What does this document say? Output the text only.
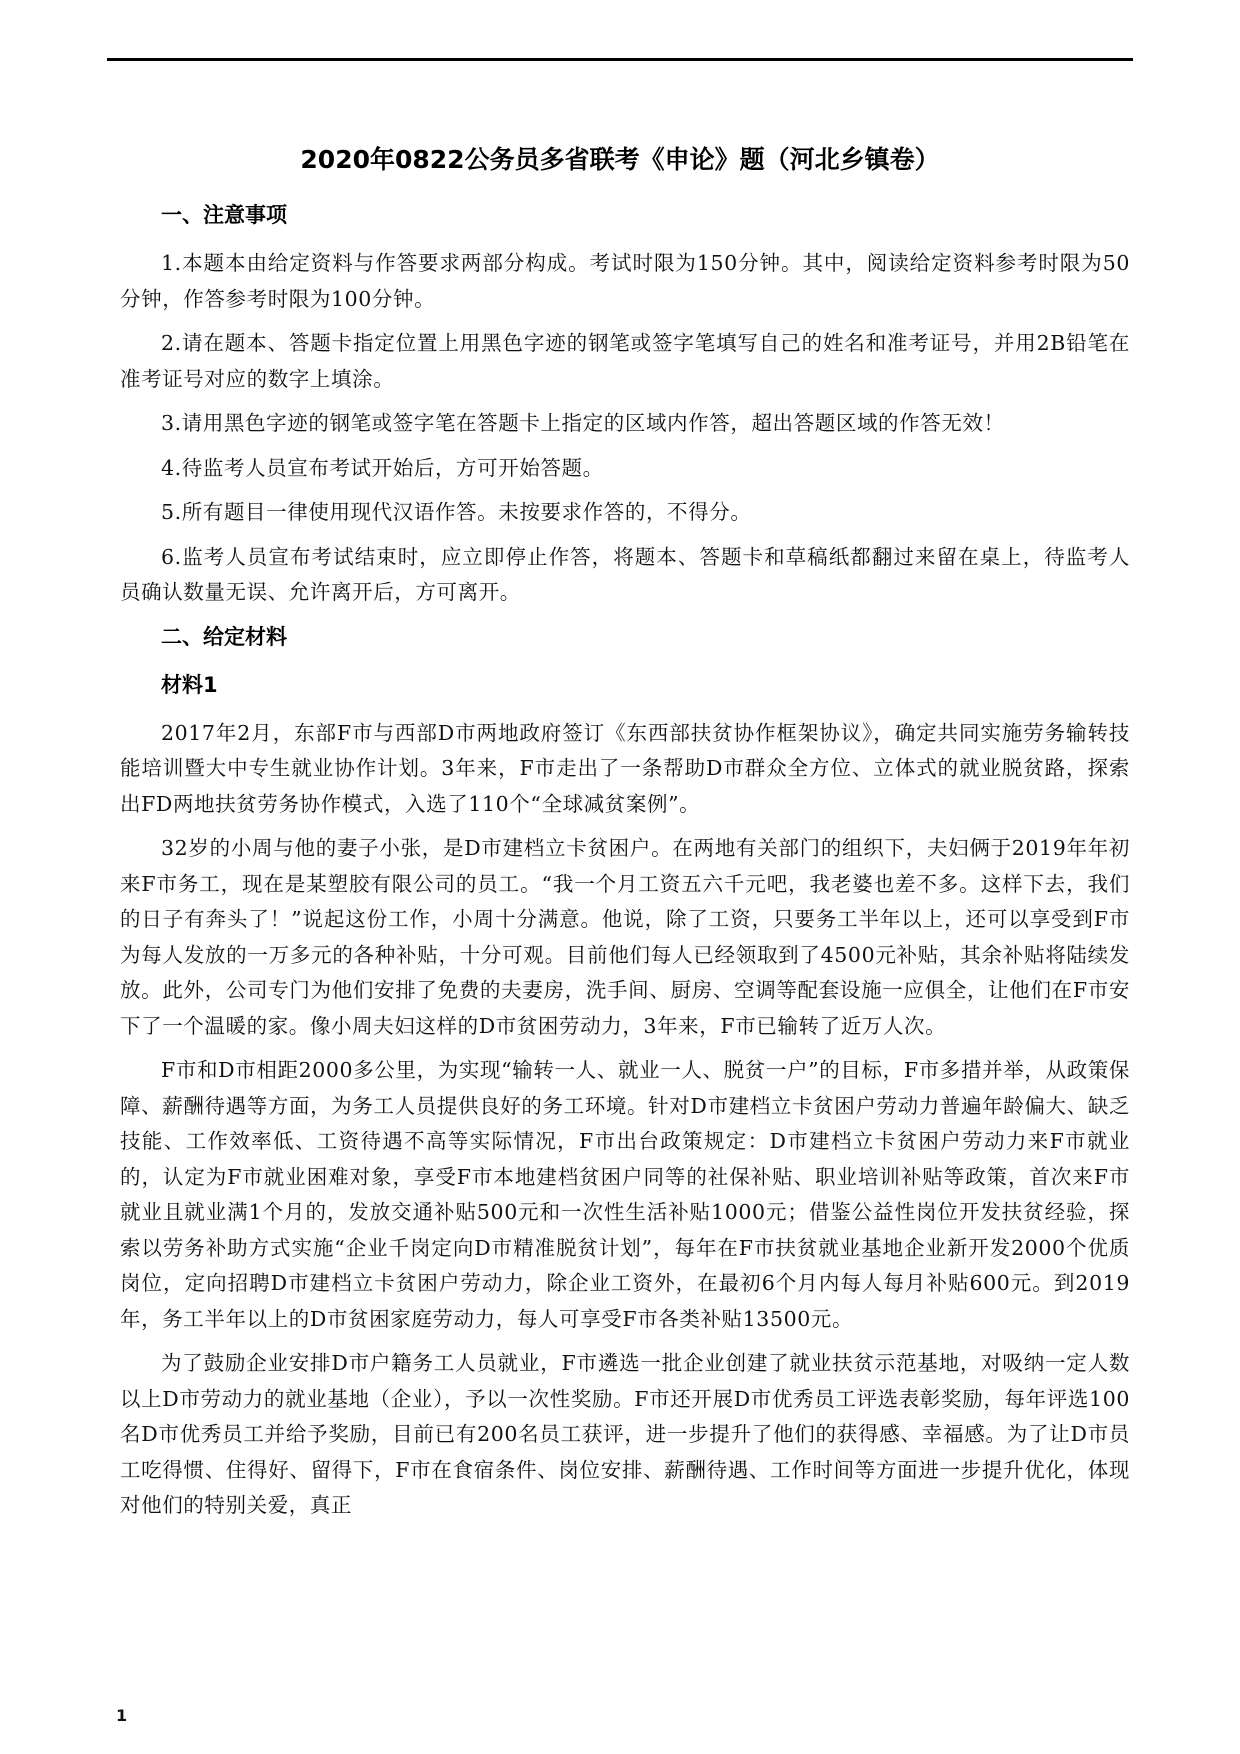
2020年0822公务员多省联考《申论》题（河北乡镇卷）
一、注意事项

1.本题本由给定资料与作答要求两部分构成。考试时限为150分钟。其中，阅读给定资料参考时限为50分钟，作答参考时限为100分钟。

2.请在题本、答题卡指定位置上用黑色字迹的钢笔或签字笔填写自己的姓名和准考证号，并用2B铅笔在准考证号对应的数字上填涂。

3.请用黑色字迹的钢笔或签字笔在答题卡上指定的区域内作答，超出答题区域的作答无效！

4.待监考人员宣布考试开始后，方可开始答题。

5.所有题目一律使用现代汉语作答。未按要求作答的，不得分。

6.监考人员宣布考试结束时，应立即停止作答，将题本、答题卡和草稿纸都翻过来留在桌上，待监考人员确认数量无误、允许离开后，方可离开。

二、给定材料
材料1

2017年2月，东部F市与西部D市两地政府签订《东西部扶贫协作框架协议》，确定共同实施劳务输转技能培训暨大中专生就业协作计划。3年来，F市走出了一条帮助D市群众全方位、立体式的就业脱贫路，探索出FD两地扶贫劳务协作模式，入选了110个“全球减贫案例”。

32岁的小周与他的妻子小张，是D市建档立卡贫困户。在两地有关部门的组织下，夫妇俩于2019年年初来F市务工，现在是某塑胶有限公司的员工。“我一个月工资五六千元吧，我老婆也差不多。这样下去，我们的日子有奔头了！”说起这份工作，小周十分满意。他说，除了工资，只要务工半年以上，还可以享受到F市为每人发放的一万多元的各种补贴，十分可观。目前他们每人已经领取到了4500元补贴，其余补贴将陆续发放。此外，公司专门为他们安排了免费的夫妻房，洗手间、厨房、空调等配套设施一应俱全，让他们在F市安下了一个温暖的家。像小周夫妇这样的D市贫困劳动力，3年来，F市已输转了近万人次。

F市和D市相距2000多公里，为实现“输转一人、就业一人、脱贫一户”的目标，F市多措并举，从政策保障、薪酬待遇等方面，为务工人员提供良好的务工环境。针对D市建档立卡贫困户劳动力普遍年龄偏大、缺乏技能、工作效率低、工资待遇不高等实际情况，F市出台政策规定：D市建档立卡贫困户劳动力来F市就业的，认定为F市就业困难对象，享受F市本地建档贫困户同等的社保补贴、职业培训补贴等政策，首次来F市就业且就业满1个月的，发放交通补贴500元和一次性生活补贴1000元；借鉴公益性岗位开发扶贫经验，探索以劳务补助方式实施“企业千岗定向D市精准脱贫计划”，每年在F市扶贫就业基地企业新开发2000个优质岗位，定向招聘D市建档立卡贫困户劳动力，除企业工资外，在最初6个月内每人每月补贴600元。到2019年，务工半年以上的D市贫困家庭劳动力，每人可享受F市各类补贴13500元。

为了鼓励企业安排D市户籍务工人员就业，F市遴选一批企业创建了就业扶贫示范基地，对吸纳一定人数以上D市劳动力的就业基地（企业），予以一次性奖励。F市还开展D市优秀员工评选表彰奖励，每年评选100名D市优秀员工并给予奖励，目前已有200名员工获评，进一步提升了他们的获得感、幸福感。为了让D市员工吃得惯、住得好、留得下，F市在食宿条件、岗位安排、薪酬待遇、工作时间等方面进一步提升优化，体现对他们的特别关爱，真正

1
